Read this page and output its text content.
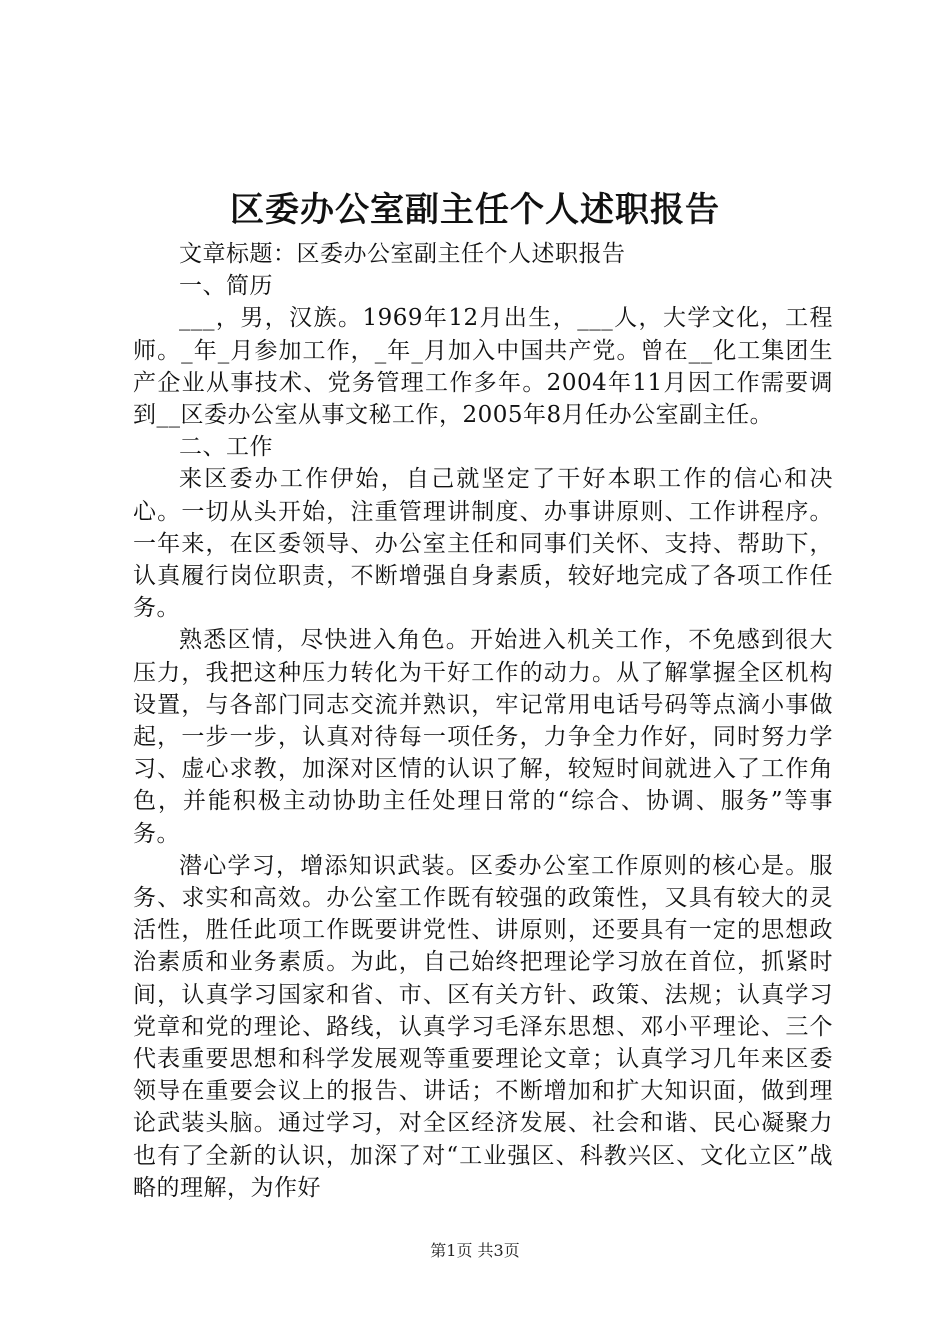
区委办公室副主任个人述职报告

文章标题：区委办公室副主任个人述职报告

一、简历

___，男，汉族。1969年12月出生，___人，大学文化，工程师。_年_月参加工作，_年_月加入中国共产党。曾在__化工集团生产企业从事技术、党务管理工作多年。2004年11月因工作需要调到__区委办公室从事文秘工作，2005年8月任办公室副主任。

二、工作

来区委办工作伊始，自己就坚定了干好本职工作的信心和决心。一切从头开始，注重管理讲制度、办事讲原则、工作讲程序。一年来，在区委领导、办公室主任和同事们关怀、支持、帮助下，认真履行岗位职责，不断增强自身素质，较好地完成了各项工作任务。

熟悉区情，尽快进入角色。开始进入机关工作，不免感到很大压力，我把这种压力转化为干好工作的动力。从了解掌握全区机构设置，与各部门同志交流并熟识，牢记常用电话号码等点滴小事做起，一步一步，认真对待每一项任务，力争全力作好，同时努力学习、虚心求教，加深对区情的认识了解，较短时间就进入了工作角色，并能积极主动协助主任处理日常的“综合、协调、服务”等事务。

潜心学习，增添知识武装。区委办公室工作原则的核心是。服务、求实和高效。办公室工作既有较强的政策性，又具有较大的灵活性，胜任此项工作既要讲党性、讲原则，还要具有一定的思想政治素质和业务素质。为此，自己始终把理论学习放在首位，抓紧时间，认真学习国家和省、市、区有关方针、政策、法规；认真学习党章和党的理论、路线，认真学习毛泽东思想、邓小平理论、三个代表重要思想和科学发展观等重要理论文章；认真学习几年来区委领导在重要会议上的报告、讲话；不断增加和扩大知识面，做到理论武装头脑。通过学习，对全区经济发展、社会和谐、民心凝聚力也有了全新的认识，加深了对“工业强区、科教兴区、文化立区”战略的理解，为作好

第1页 共3页
